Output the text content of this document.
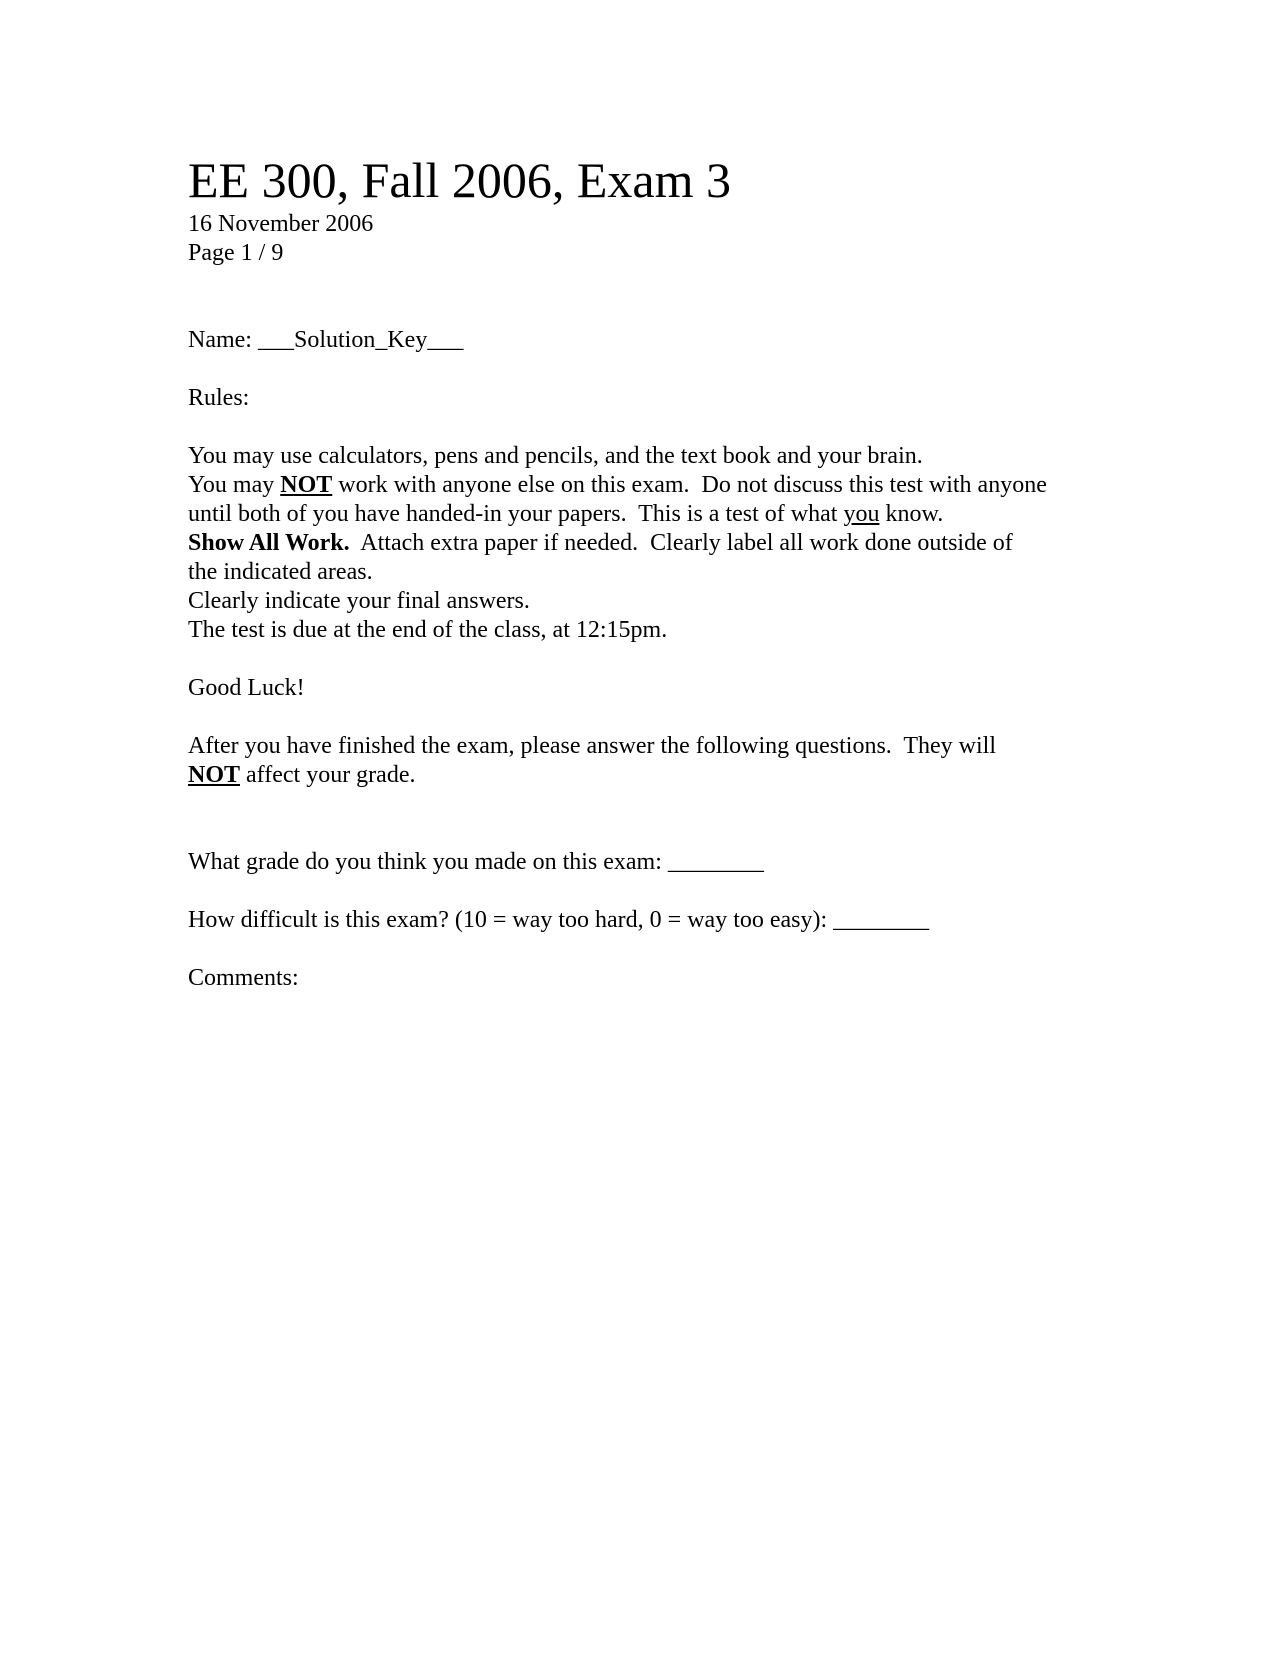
EE 300, Fall 2006, Exam 3

16 November 2006

Page 1 / 9

Name: ___Solution_Key___

Rules:

You may use calculators, pens and pencils, and the text book and your brain.

You may NOT work with anyone else on this exam.  Do not discuss this test with anyone

until both of you have handed-in your papers.  This is a test of what you know.

Show All Work.  Attach extra paper if needed.  Clearly label all work done outside of

the indicated areas.

Clearly indicate your final answers.

The test is due at the end of the class, at 12:15pm.

Good Luck!

After you have finished the exam, please answer the following questions.  They will

NOT affect your grade.

What grade do you think you made on this exam: ________

How difficult is this exam? (10 = way too hard, 0 = way too easy): ________

Comments:
